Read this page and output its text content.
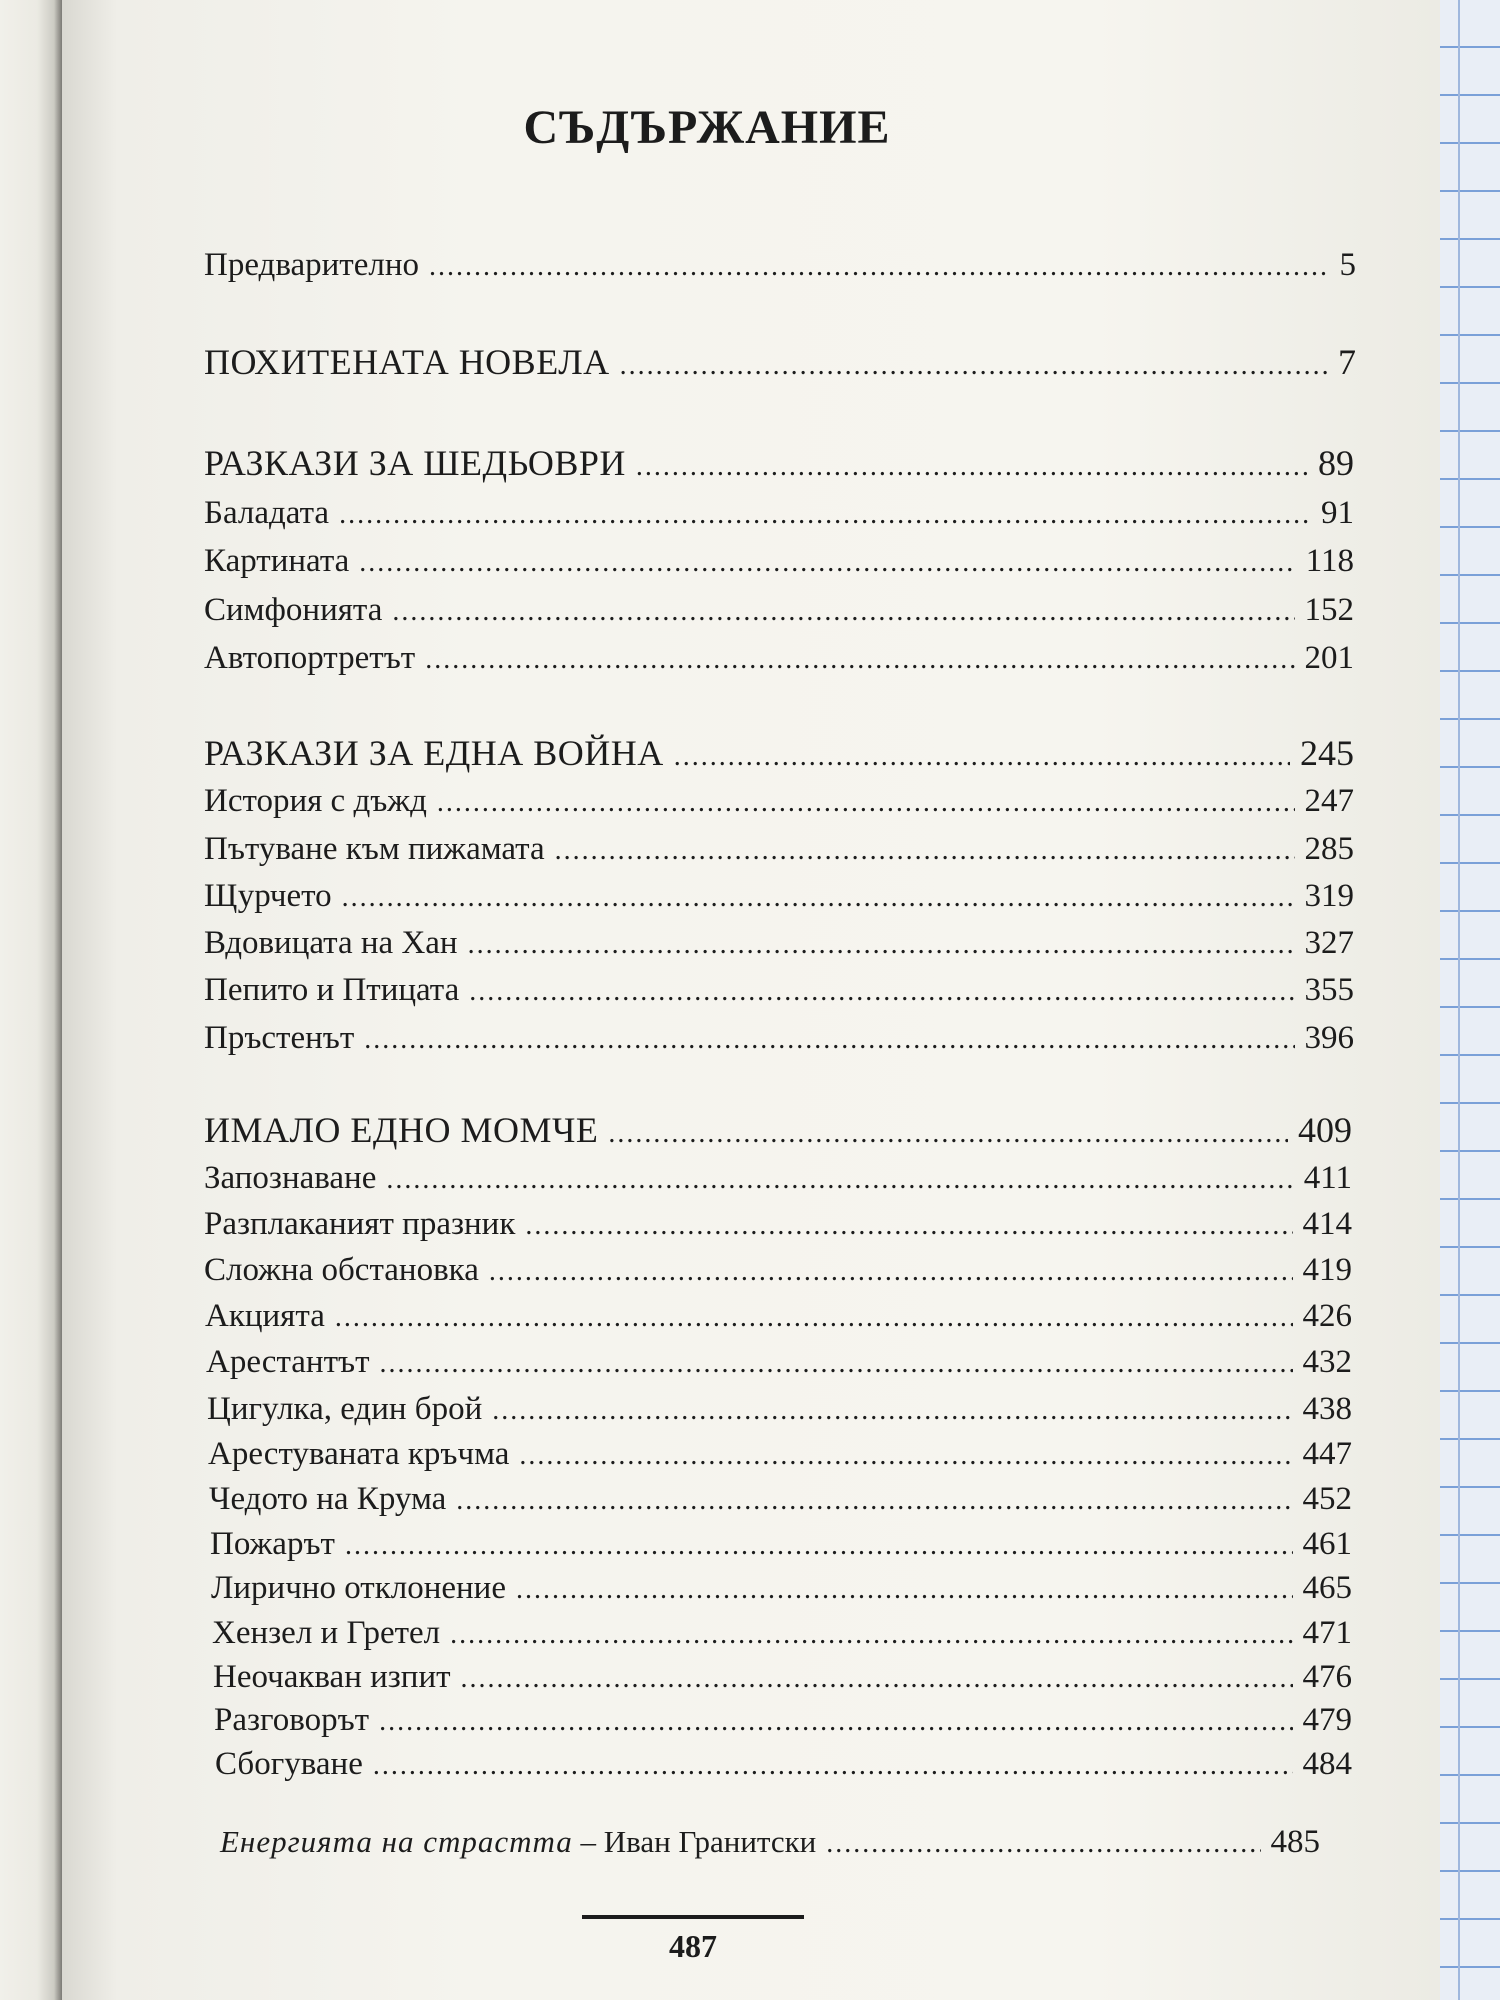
СЪДЪРЖАНИЕ
Предварително .....	5
ПОХИТЕНАТА НОВЕЛА .....	7
РАЗКАЗИ ЗА ШЕДЬОВРИ .....	89
Баладата .....	91
Картината .....	118
Симфонията .....	152
Автопортретът .....	201
РАЗКАЗИ ЗА ЕДНА ВОЙНА .....	245
История с дъжд .....	247
Пътуване към пижамата .....	285
Щурчето .....	319
Вдовицата на Хан .....	327
Пепито и Птицата .....	355
Пръстенът .....	396
ИМАЛО ЕДНО МОМЧЕ .....	409
Запознаване .....	411
Разплаканият празник .....	414
Сложна обстановка .....	419
Акцията .....	426
Арестантът .....	432
Цигулка, един брой .....	438
Арестуваната кръчма .....	447
Чедото на Крума .....	452
Пожарът .....	461
Лирично отклонение .....	465
Хензел и Гретел .....	471
Неочакван изпит .....	476
Разговорът .....	479
Сбогуване .....	484
Енергията на страстта – Иван Гранитски .....	485
487
